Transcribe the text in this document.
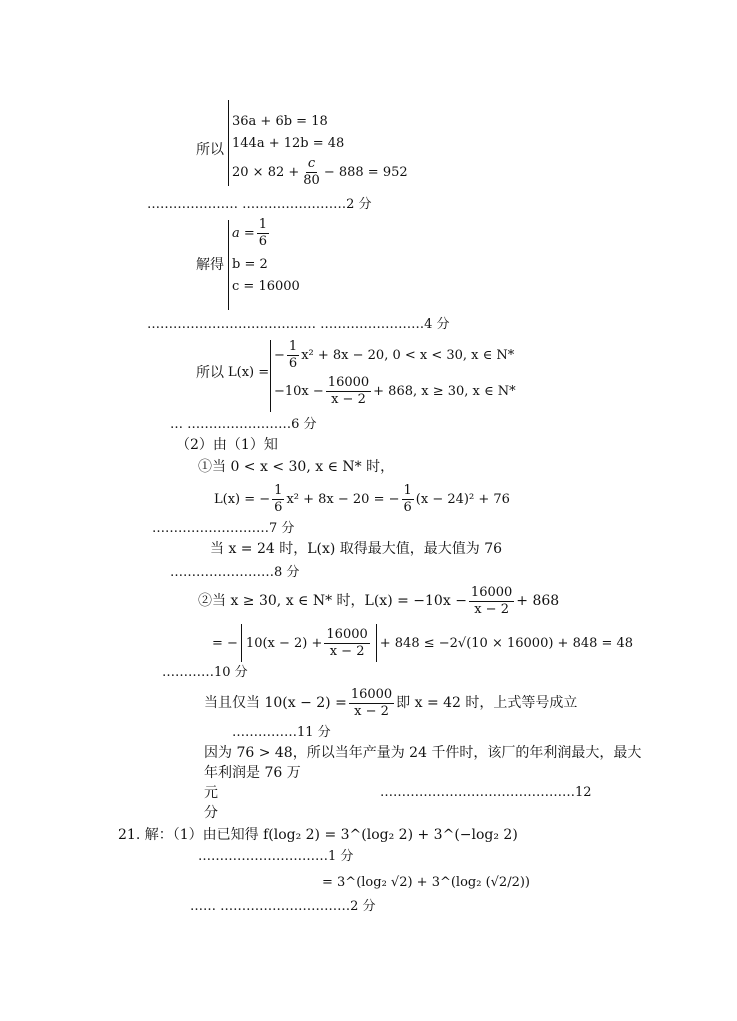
所以
36a + 6b = 18
144a + 12b = 48
$20 \times 82 + \frac{c}{80} - 888 = 952$
………………… ……………………2 分
解得
$a = \frac{1}{6}$
b = 2
c = 16000
………………………………… ……………………4 分
所以 L(x) =
− $\frac{1}{6} x^2 + 8x - 20$, 0 < x < 30, x ∈ N*
$-10x - \frac{16000}{x - 2} + 868$, x ≥ 30, x ∈ N*
… ……………………6 分
（2）由（1）知
①当 0 < x < 30, x ∈ N* 时，
L(x) = − $\frac{1}{6} x^2 + 8x - 20$ = − $\frac{1}{6} (x - 24)^2 + 76$
………………………7 分
当 x = 24 时，L(x) 取得最大值，最大值为 76
……………………8 分
②当 x ≥ 30, x ∈ N* 时，$L(x) = -10x - \frac{16000}{x - 2} + 868$
= − $10(x - 2) + \frac{16000}{x - 2} + 848 \le -2√(10 \times 16000) + 848 = 48$
…………10 分
当且仅当 $10(x - 2) = \frac{16000}{x - 2}$ 即 x = 42 时，上式等号成立
……………11 分
因为 76 > 48，所以当年产量为 24 千件时，该厂的年利润最大，最大
年利润是 76 万
元	………………………………………12
分
21. 解：（1）由已知得 f(log₂ 2) = 3^(log₂ 2) + 3^(−log₂ 2)
…………………………1 分
= 3^(log₂ √2) + 3^(log₂ (√2/2))
…… …………………………2 分
